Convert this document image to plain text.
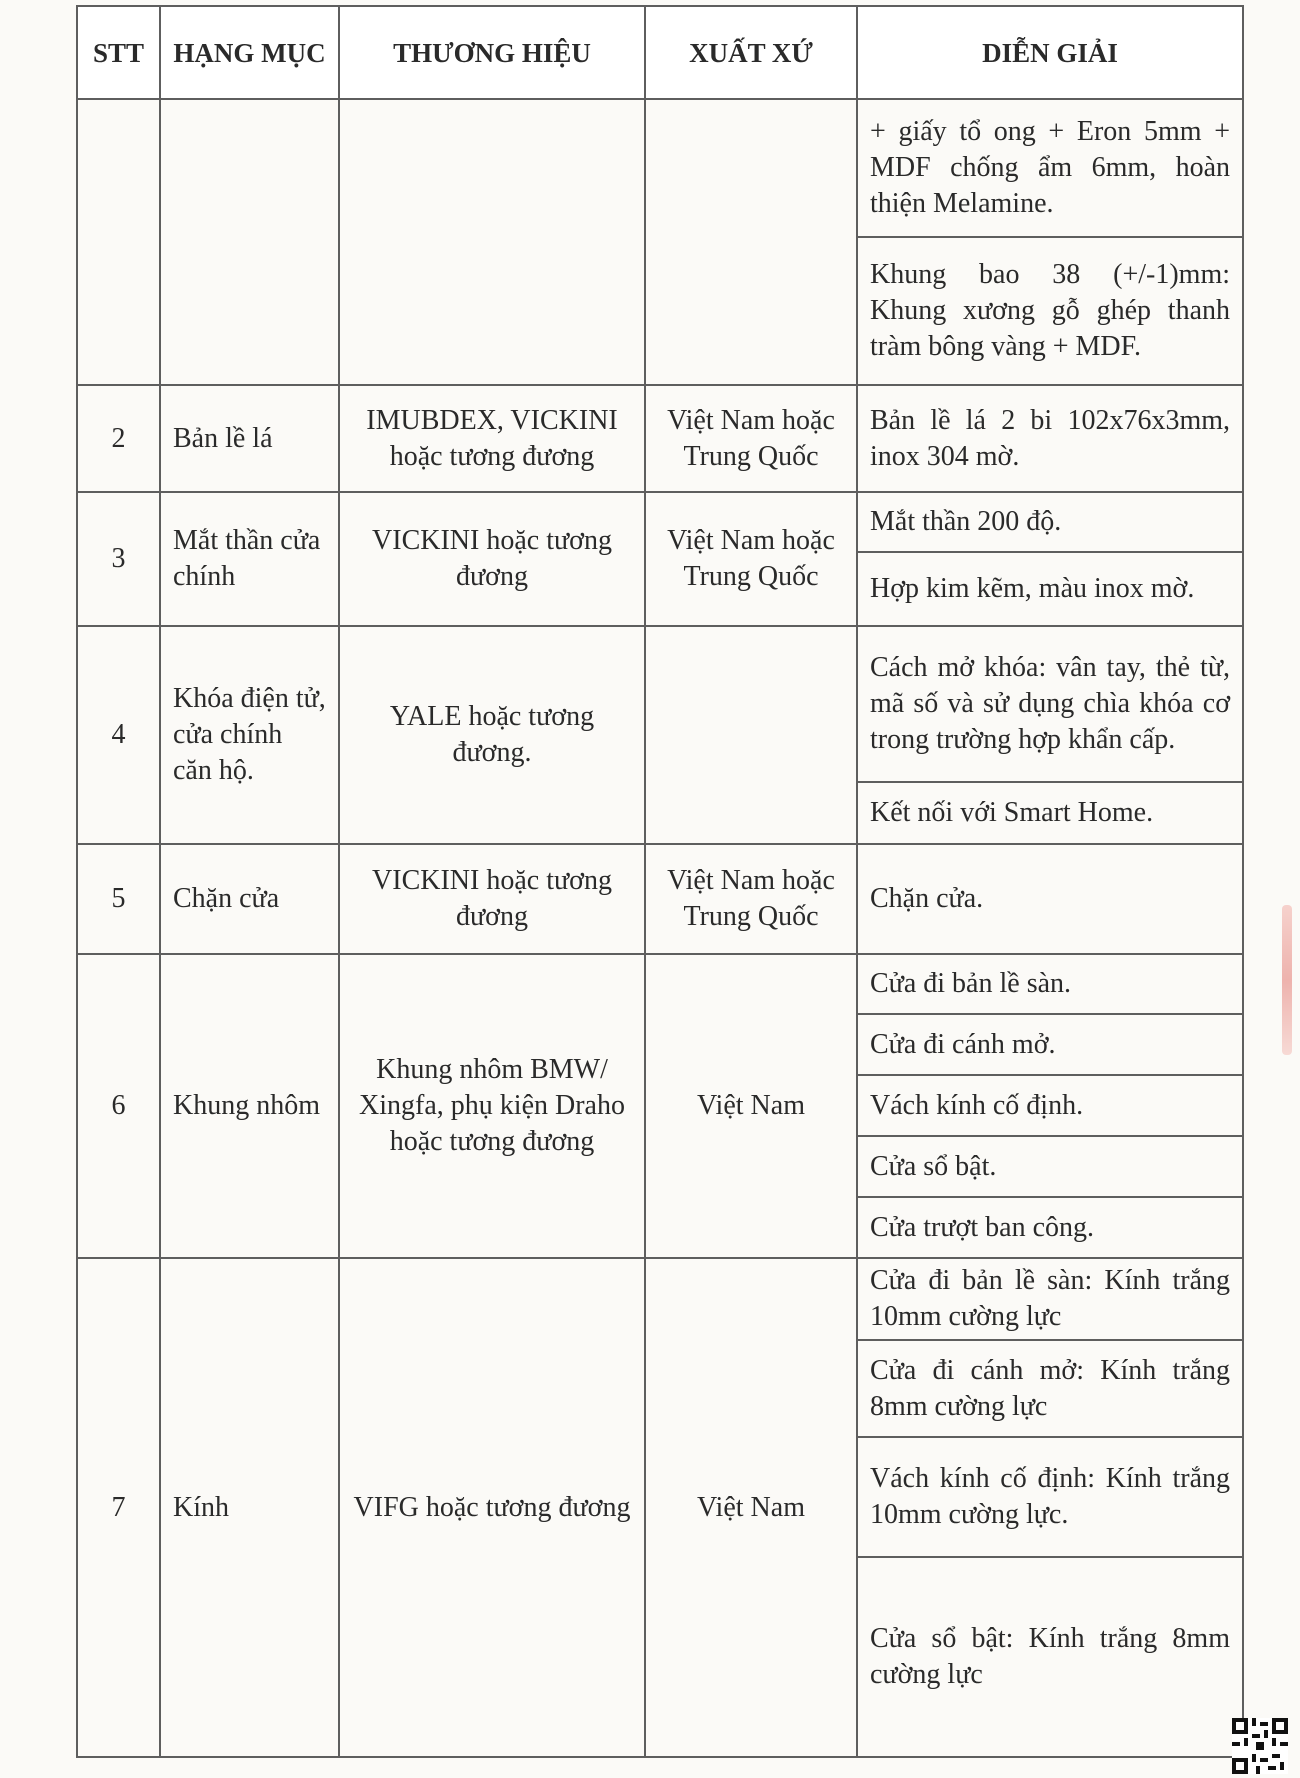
STT	HẠNG MỤC	THƯƠNG HIỆU	XUẤT XỨ	DIỄN GIẢI
				+ giấy tổ ong + Eron 5mm + MDF chống ẩm 6mm, hoàn thiện Melamine.
				Khung bao 38 (+/-1)mm: Khung xương gỗ ghép thanh tràm bông vàng + MDF.
2	Bản lề lá	IMUBDEX, VICKINI hoặc tương đương	Việt Nam hoặc Trung Quốc	Bản lề lá 2 bi 102x76x3mm, inox 304 mờ.
3	Mắt thần cửa chính	VICKINI hoặc tương đương	Việt Nam hoặc Trung Quốc	Mắt thần 200 độ.
				Hợp kim kẽm, màu inox mờ.
4	Khóa điện tử, cửa chính căn hộ.	YALE hoặc tương đương.		Cách mở khóa: vân tay, thẻ từ, mã số và sử dụng chìa khóa cơ trong trường hợp khẩn cấp.
				Kết nối với Smart Home.
5	Chặn cửa	VICKINI hoặc tương đương	Việt Nam hoặc Trung Quốc	Chặn cửa.
6	Khung nhôm	Khung nhôm BMW/ Xingfa, phụ kiện Draho hoặc tương đương	Việt Nam	Cửa đi bản lề sàn.
				Cửa đi cánh mở.
				Vách kính cố định.
				Cửa sổ bật.
				Cửa trượt ban công.
7	Kính	VIFG hoặc tương đương	Việt Nam	Cửa đi bản lề sàn: Kính trắng 10mm cường lực
				Cửa đi cánh mở: Kính trắng 8mm cường lực
				Vách kính cố định: Kính trắng 10mm cường lực.
				Cửa sổ bật: Kính trắng 8mm cường lực
